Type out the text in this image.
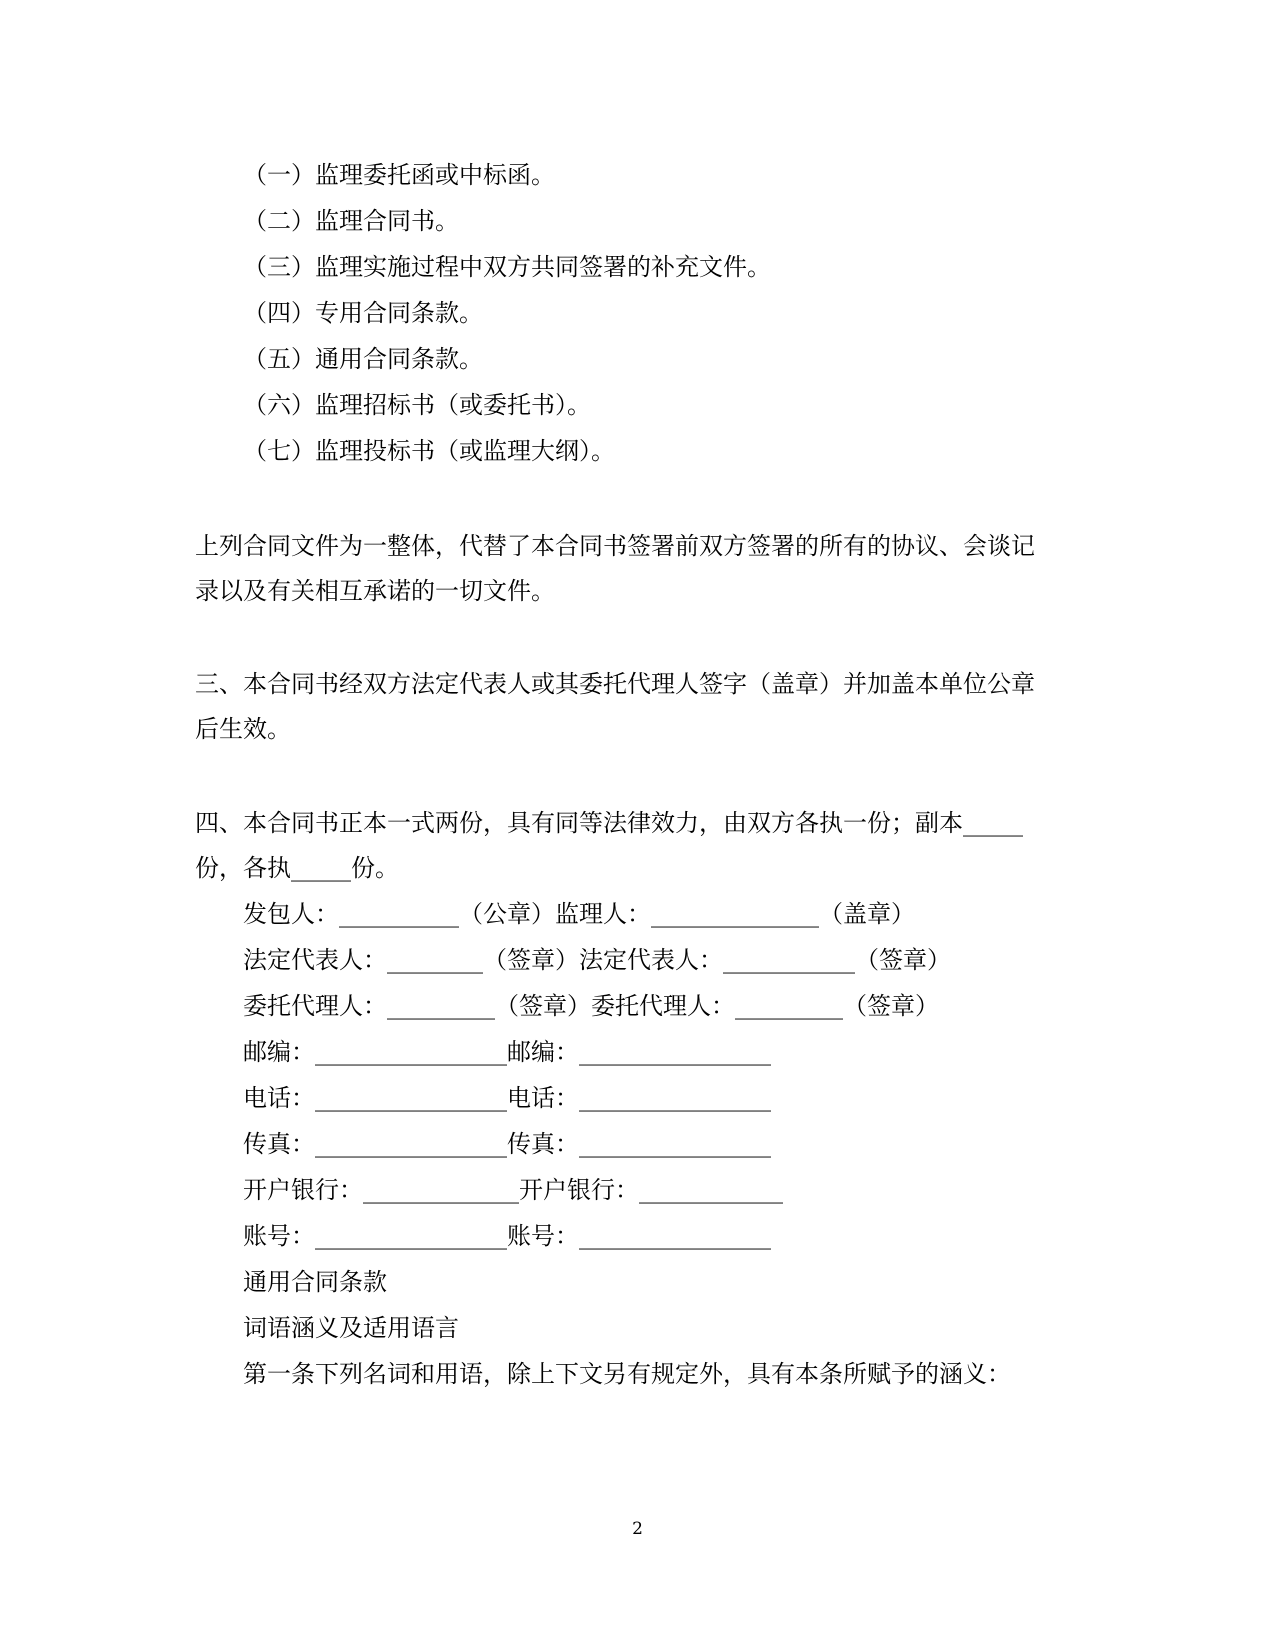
（一）监理委托函或中标函。
（二）监理合同书。
（三）监理实施过程中双方共同签署的补充文件。
（四）专用合同条款。
（五）通用合同条款。
（六）监理招标书（或委托书）。
（七）监理投标书（或监理大纲）。
上列合同文件为一整体，代替了本合同书签署前双方签署的所有的协议、会谈记
录以及有关相互承诺的一切文件。
三、本合同书经双方法定代表人或其委托代理人签字（盖章）并加盖本单位公章
后生效。
四、本合同书正本一式两份，具有同等法律效力，由双方各执一份；副本_____
份，各执_____份。
发包人：__________（公章）监理人：______________（盖章）
法定代表人：________（签章）法定代表人：___________（签章）
委托代理人：_________（签章）委托代理人：_________（签章）
邮编：________________邮编：________________
电话：________________电话：________________
传真：________________传真：________________
开户银行：_____________开户银行：____________
账号：________________账号：________________
通用合同条款
词语涵义及适用语言
第一条下列名词和用语，除上下文另有规定外，具有本条所赋予的涵义：
2
